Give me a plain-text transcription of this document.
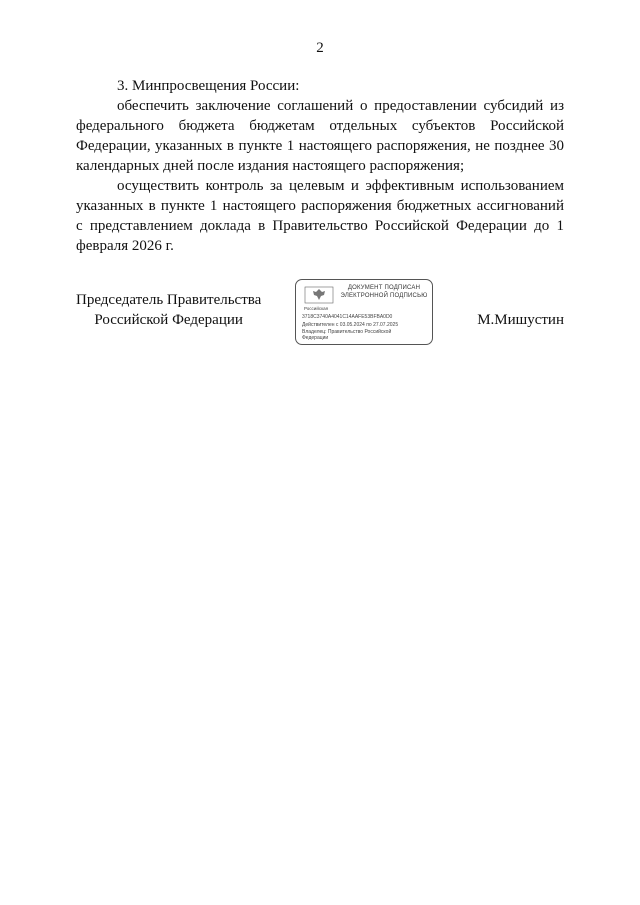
2

3. Минпросвещения России:

обеспечить заключение соглашений о предоставлении субсидий из федерального бюджета бюджетам отдельных субъектов Российской Федерации, указанных в пункте 1 настоящего распоряжения, не позднее 30 календарных дней после издания настоящего распоряжения;

осуществить контроль за целевым и эффективным использованием указанных в пункте 1 настоящего распоряжения бюджетных ассигнований с представлением доклада в Правительство Российской Федерации до 1 февраля 2026 г.

Председатель Правительства
Российской Федерации
ДОКУМЕНТ ПОДПИСАН
ЭЛЕКТРОННОЙ ПОДПИСЬЮ
Российская
3718C3740A4041C14AAFE53BFBA0D0
Действителен с 03.05.2024 по 27.07.2025
Владелец: Правительство Российской
Федерации
М.Мишустин
